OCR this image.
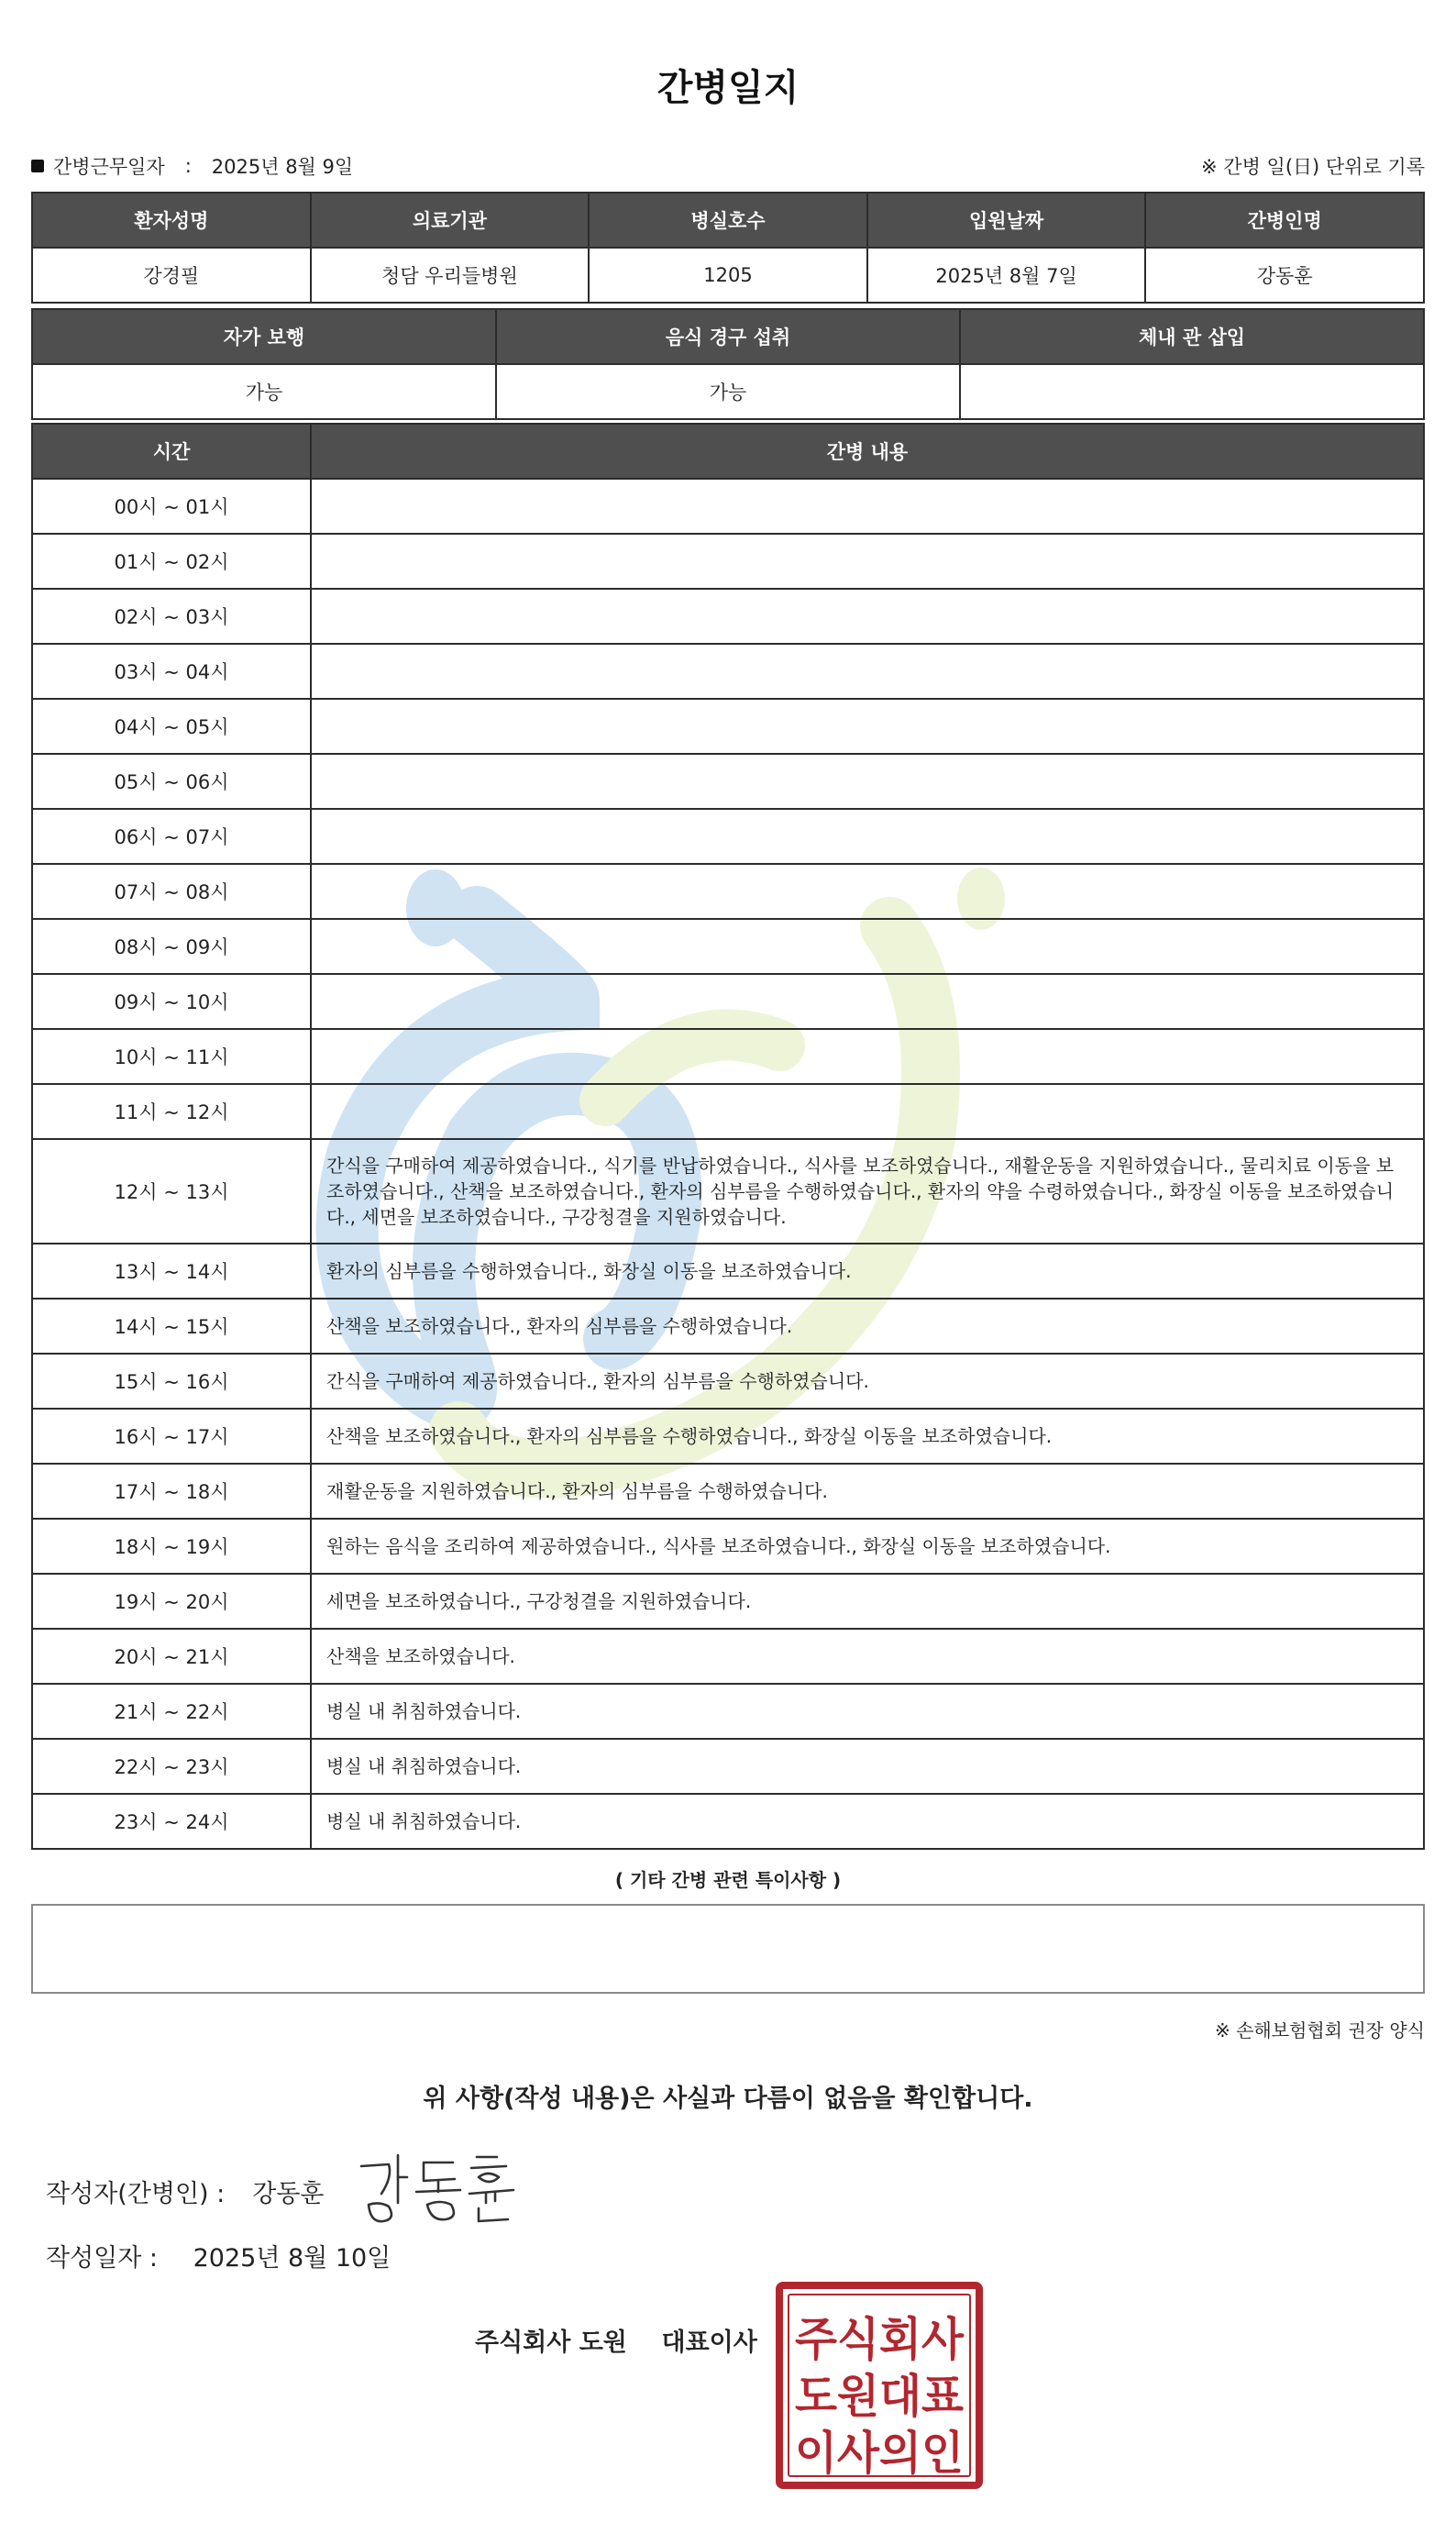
간병일지
간병근무일자 : 2025년 8월 9일	※ 간병 일(日) 단위로 기록
환자성명	의료기관	병실호수	입원날짜	간병인명
강경필	청담 우리들병원	1205	2025년 8월 7일	강동훈
자가 보행	음식 경구 섭취	체내 관 삽입
가능	가능	
시간	간병 내용
00시 ~ 01시	
01시 ~ 02시	
02시 ~ 03시	
03시 ~ 04시	
04시 ~ 05시	
05시 ~ 06시	
06시 ~ 07시	
07시 ~ 08시	
08시 ~ 09시	
09시 ~ 10시	
10시 ~ 11시	
11시 ~ 12시	
12시 ~ 13시	간식을 구매하여 제공하였습니다., 식기를 반납하였습니다., 식사를 보조하였습니다., 재활운동을 지원하였습니다., 물리치료 이동을 보조하였습니다., 산책을 보조하였습니다., 환자의 심부름을 수행하였습니다., 환자의 약을 수령하였습니다., 화장실 이동을 보조하였습니다., 세면을 보조하였습니다., 구강청결을 지원하였습니다.
13시 ~ 14시	환자의 심부름을 수행하였습니다., 화장실 이동을 보조하였습니다.
14시 ~ 15시	산책을 보조하였습니다., 환자의 심부름을 수행하였습니다.
15시 ~ 16시	간식을 구매하여 제공하였습니다., 환자의 심부름을 수행하였습니다.
16시 ~ 17시	산책을 보조하였습니다., 환자의 심부름을 수행하였습니다., 화장실 이동을 보조하였습니다.
17시 ~ 18시	재활운동을 지원하였습니다., 환자의 심부름을 수행하였습니다.
18시 ~ 19시	원하는 음식을 조리하여 제공하였습니다., 식사를 보조하였습니다., 화장실 이동을 보조하였습니다.
19시 ~ 20시	세면을 보조하였습니다., 구강청결을 지원하였습니다.
20시 ~ 21시	산책을 보조하였습니다.
21시 ~ 22시	병실 내 취침하였습니다.
22시 ~ 23시	병실 내 취침하였습니다.
23시 ~ 24시	병실 내 취침하였습니다.
( 기타 간병 관련 특이사항 )
※ 손해보험협회 권장 양식
위 사항(작성 내용)은 사실과 다름이 없음을 확인합니다.
작성자(간병인) : 강동훈
작성일자 : 2025년 8월 10일
주식회사 도원    대표이사 주식회사
도원대표
이사의인
